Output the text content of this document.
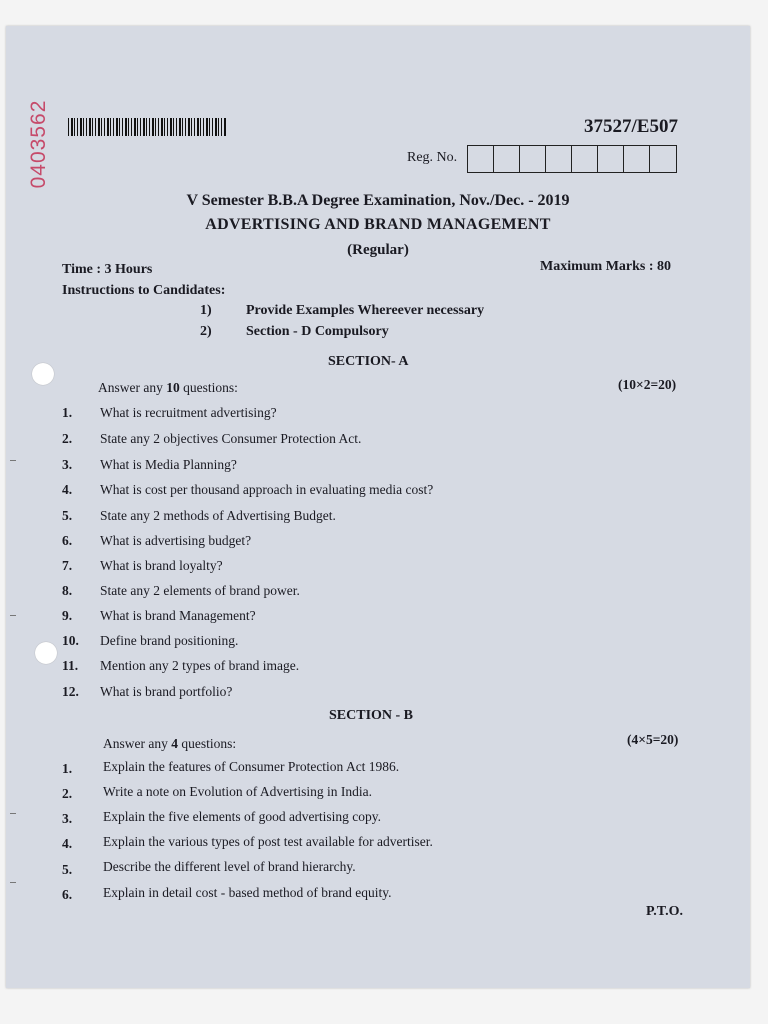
0403562	37527/E507
Reg. No.
V Semester B.B.A Degree Examination, Nov./Dec. - 2019
ADVERTISING AND BRAND MANAGEMENT
(Regular)
Time : 3 Hours	Maximum Marks : 80
Instructions to Candidates:
1) Provide Examples Whereever necessary
2) Section - D Compulsory
SECTION- A
Answer any 10 questions:	(10×2=20)
1.	What is recruitment advertising?
2.	State any 2 objectives Consumer Protection Act.
3.	What is Media Planning?
4.	What is cost per thousand approach in evaluating media cost?
5.	State any 2 methods of Advertising Budget.
6.	What is advertising budget?
7.	What is brand loyalty?
8.	State any 2 elements of brand power.
9.	What is brand Management?
10.	Define brand positioning.
11.	Mention any 2 types of brand image.
12.	What is brand portfolio?
SECTION - B
Answer any 4 questions:	(4×5=20)
1.	Explain the features of Consumer Protection Act 1986.
2.	Write a note on Evolution of Advertising in India.
3.	Explain the five elements of good advertising copy.
4.	Explain the various types of post test available for advertiser.
5.	Describe the different level of brand hierarchy.
6.	Explain in detail cost - based method of brand equity.
P.T.O.
